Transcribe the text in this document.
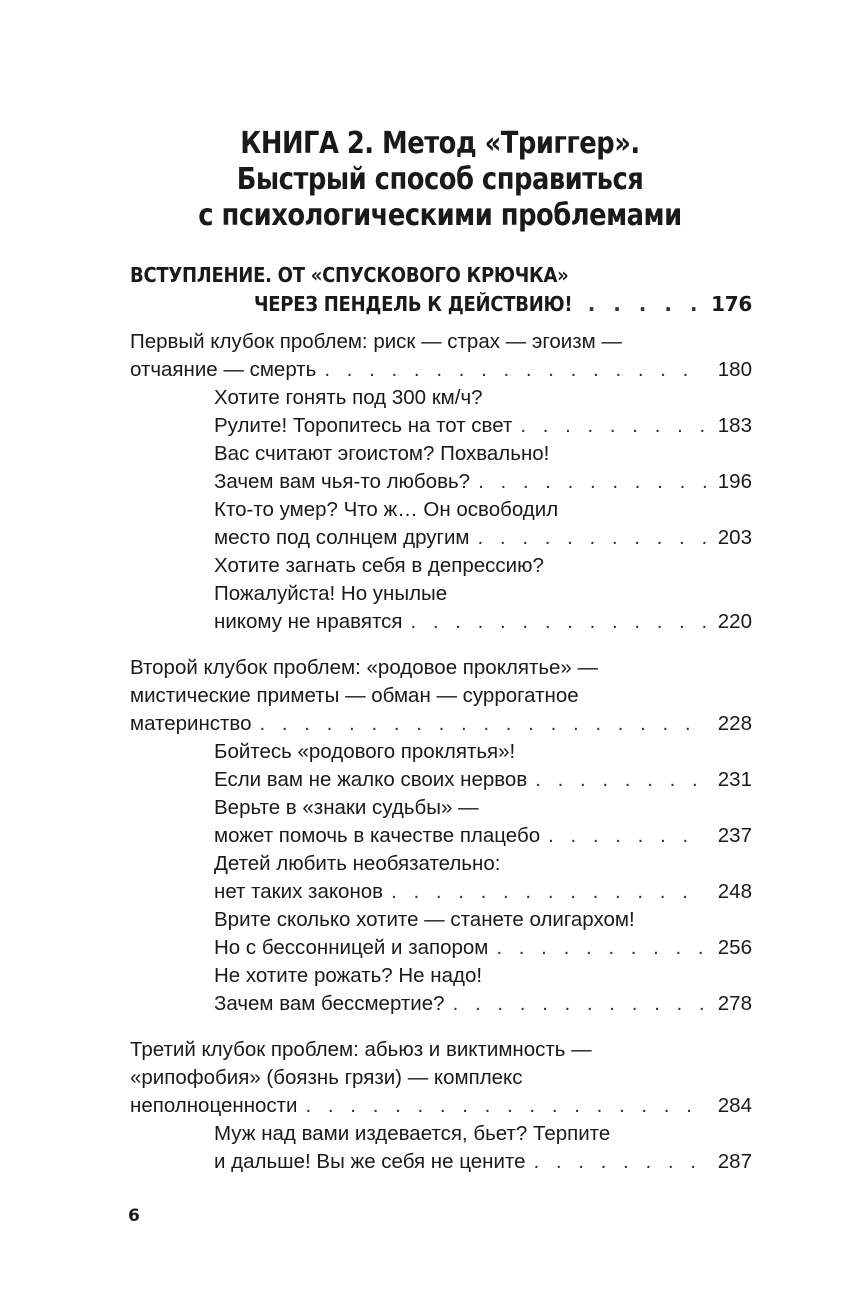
КНИГА 2. Метод «Триггер».
Быстрый способ справиться
с психологическими проблемами
ВСТУПЛЕНИЕ. ОТ «СПУСКОВОГО КРЮЧКА»
ЧЕРЕЗ ПЕНДЕЛЬ К ДЕЙСТВИЮ! . . .	176
Первый клубок проблем: риск — страх — эгоизм —
отчаяние — смерть . . .	180
Хотите гонять под 300 км/ч?
Рулите! Торопитесь на тот свет . . .	183
Вас считают эгоистом? Похвально!
Зачем вам чья-то любовь? . . .	196
Кто-то умер? Что ж… Он освободил
место под солнцем другим . . .	203
Хотите загнать себя в депрессию?
Пожалуйста! Но унылые
никому не нравятся . . .	220
Второй клубок проблем: «родовое проклятье» —
мистические приметы — обман — суррогатное
материнство . . .	228
Бойтесь «родового проклятья»!
Если вам не жалко своих нервов . . .	231
Верьте в «знаки судьбы» —
может помочь в качестве плацебо . . .	237
Детей любить необязательно:
нет таких законов . . .	248
Врите сколько хотите — станете олигархом!
Но с бессонницей и запором . . .	256
Не хотите рожать? Не надо!
Зачем вам бессмертие? . . .	278
Третий клубок проблем: абьюз и виктимность —
«рипофобия» (боязнь грязи) — комплекс
неполноценности . . .	284
Муж над вами издевается, бьет? Терпите
и дальше! Вы же себя не цените . . .	287
6
